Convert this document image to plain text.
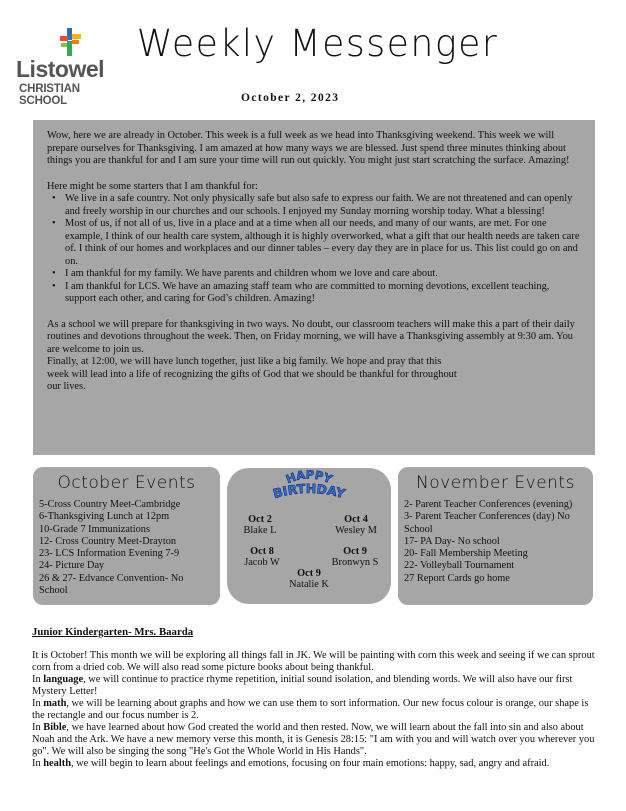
Listowel
CHRISTIAN SCHOOL
Weekly Messenger
October 2, 2023

Wow, here we are already in October. This week is a full week as we head into Thanksgiving weekend. This week we will prepare ourselves for Thanksgiving. I am amazed at how many ways we are blessed. Just spend three minutes thinking about things you are thankful for and I am sure your time will run out quickly. You might just start scratching the surface. Amazing!

Here might be some starters that I am thankful for:

• We live in a safe country. Not only physically safe but also safe to express our faith. We are not threatened and can openly and freely worship in our churches and our schools. I enjoyed my Sunday morning worship today. What a blessing!
• Most of us, if not all of us, live in a place and at a time when all our needs, and many of our wants, are met. For one example, I think of our health care system, although it is highly overworked, what a gift that our health needs are taken care of. I think of our homes and workplaces and our dinner tables – every day they are in place for us. This list could go on and on.
• I am thankful for my family. We have parents and children whom we love and care about.
• I am thankful for LCS. We have an amazing staff team who are committed to morning devotions, excellent teaching, support each other, and caring for God’s children. Amazing!

As a school we will prepare for thanksgiving in two ways. No doubt, our classroom teachers will make this a part of their daily routines and devotions throughout the week. Then, on Friday morning, we will have a Thanksgiving assembly at 9:30 am. You are welcome to join us.

Finally, at 12:00, we will have lunch together, just like a big family. We hope and pray that this

week will lead into a life of recognizing the gifts of God that we should be thankful for throughout

our lives.

October Events
5-Cross Country Meet-Cambridge
6-Thanksgiving Lunch at 12pm
10-Grade 7 Immunizations
12- Cross Country Meet-Drayton
23- LCS Information Evening 7-9
24- Picture Day
26 & 27- Edvance Convention- No School
HAPPY
BIRTHDAY
Oct 2
Blake L
Oct 4
Wesley M
Oct 8
Jacob W
Oct 9
Bronwyn S
Oct 9
Natalie K
November Events
2- Parent Teacher Conferences (evening)
3- Parent Teacher Conferences (day) No School
17- PA Day- No school
20- Fall Membership Meeting
22- Volleyball Tournament
27 Report Cards go home
Junior Kindergarten- Mrs. Baarda

It is October! This month we will be exploring all things fall in JK. We will be painting with corn this week and seeing if we can sprout corn from a dried cob. We will also read some picture books about being thankful.

In language, we will continue to practice rhyme repetition, initial sound isolation, and blending words. We will also have our first Mystery Letter!

In math, we will be learning about graphs and how we can use them to sort information. Our new focus colour is orange, our shape is the rectangle and our focus number is 2.

In Bible, we have learned about how God created the world and then rested. Now, we will learn about the fall into sin and also about Noah and the Ark. We have a new memory verse this month, it is Genesis 28:15: "I am with you and will watch over you wherever you go". We will also be singing the song "He's Got the Whole World in His Hands".

In health, we will begin to learn about feelings and emotions, focusing on four main emotions: happy, sad, angry and afraid.
